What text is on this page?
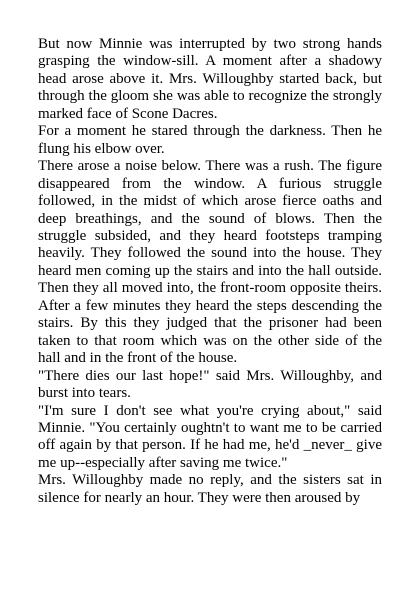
But now Minnie was interrupted by two strong hands grasping the window-sill. A moment after a shadowy head arose above it. Mrs. Willoughby started back, but through the gloom she was able to recognize the strongly marked face of Scone Dacres.

For a moment he stared through the darkness. Then he flung his elbow over.

There arose a noise below. There was a rush. The figure disappeared from the window. A furious struggle followed, in the midst of which arose fierce oaths and deep breathings, and the sound of blows. Then the struggle subsided, and they heard footsteps tramping heavily. They followed the sound into the house. They heard men coming up the stairs and into the hall outside. Then they all moved into, the front-room opposite theirs. After a few minutes they heard the steps descending the stairs. By this they judged that the prisoner had been taken to that room which was on the other side of the hall and in the front of the house.

"There dies our last hope!" said Mrs. Willoughby, and burst into tears.

"I'm sure I don't see what you're crying about," said Minnie. "You certainly oughtn't to want me to be carried off again by that person. If he had me, he'd _never_ give me up--especially after saving me twice."

Mrs. Willoughby made no reply, and the sisters sat in silence for nearly an hour. They were then aroused by
